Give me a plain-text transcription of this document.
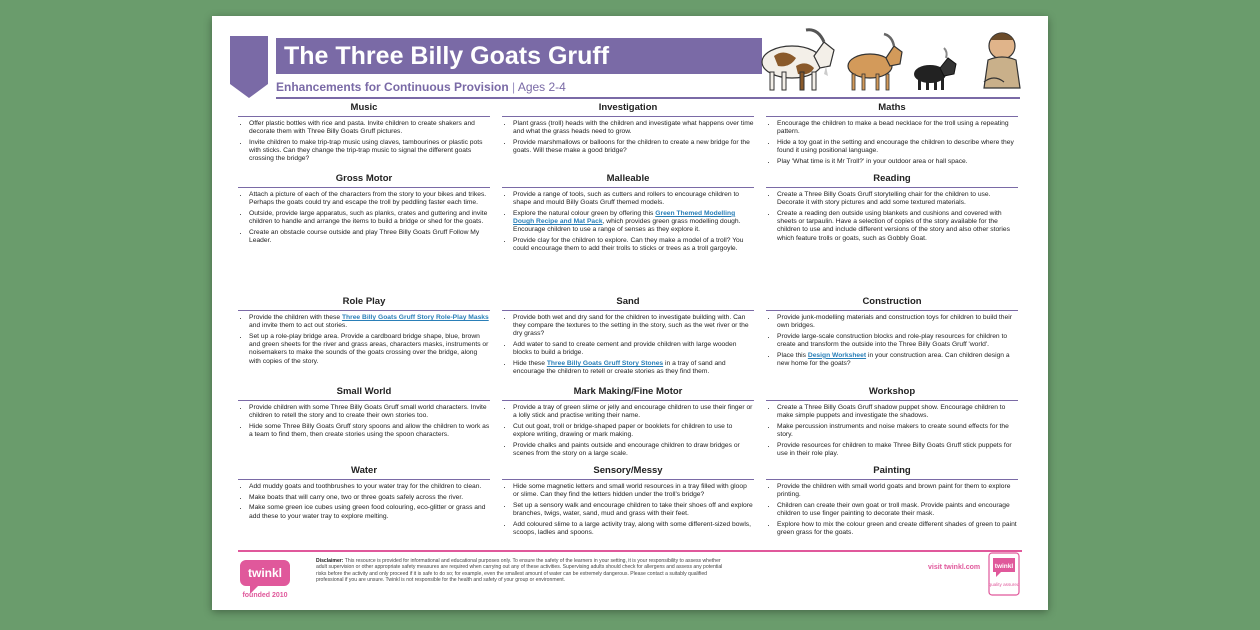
The Three Billy Goats Gruff
Enhancements for Continuous Provision | Ages 2-4
Music
• Offer plastic bottles with rice and pasta. Invite children to create shakers and decorate them with Three Billy Goats Gruff pictures.
• Invite children to make trip-trap music using claves, tambourines or plastic pots with sticks. Can they change the trip-trap music to signal the different goats crossing the bridge?
Gross Motor
• Attach a picture of each of the characters from the story to your bikes and trikes. Perhaps the goats could try and escape the troll by peddling faster each time.
• Outside, provide large apparatus, such as planks, crates and guttering and invite children to handle and arrange the items to build a bridge or shed for the goats.
• Create an obstacle course outside and play Three Billy Goats Gruff Follow My Leader.
Role Play
• Provide the children with these Three Billy Goats Gruff Story Role-Play Masks and invite them to act out stories.
• Set up a role-play bridge area. Provide a cardboard bridge shape, blue, brown and green sheets for the river and grass areas, characters masks, instruments or noisemakers to make the sounds of the goats crossing over the bridge, along with copies of the story.
Small World
• Provide children with some Three Billy Goats Gruff small world characters. Invite children to retell the story and to create their own stories too.
• Hide some Three Billy Goats Gruff story spoons and allow the children to work as a team to find them, then create stories using the spoon characters.
Water
• Add muddy goats and toothbrushes to your water tray for the children to clean.
• Make boats that will carry one, two or three goats safely across the river.
• Make some green ice cubes using green food colouring, eco-glitter or grass and add these to your water tray to explore melting.
Investigation
• Plant grass (troll) heads with the children and investigate what happens over time and what the grass heads need to grow.
• Provide marshmallows or balloons for the children to create a new bridge for the goats. Will these make a good bridge?
Malleable
• Provide a range of tools, such as cutters and rollers to encourage children to shape and mould Billy Goats Gruff themed models.
• Explore the natural colour green by offering this Green Themed Modelling Dough Recipe and Mat Pack, which provides green grass modelling dough. Encourage children to use a range of senses as they explore it.
• Provide clay for the children to explore. Can they make a model of a troll? You could encourage them to add their trolls to sticks or trees as a troll gargoyle.
Sand
• Provide both wet and dry sand for the children to investigate building with. Can they compare the textures to the setting in the story, such as the wet river or the dry grass?
• Add water to sand to create cement and provide children with large wooden blocks to build a bridge.
• Hide these Three Billy Goats Gruff Story Stones in a tray of sand and encourage the children to retell or create stories as they find them.
Mark Making/Fine Motor
• Provide a tray of green slime or jelly and encourage children to use their finger or a lolly stick and practise writing their name.
• Cut out goat, troll or bridge-shaped paper or booklets for children to use to explore writing, drawing or mark making.
• Provide chalks and paints outside and encourage children to draw bridges or scenes from the story on a large scale.
Sensory/Messy
• Hide some magnetic letters and small world resources in a tray filled with gloop or slime. Can they find the letters hidden under the troll's bridge?
• Set up a sensory walk and encourage children to take their shoes off and explore branches, twigs, water, sand, mud and grass with their feet.
• Add coloured slime to a large activity tray, along with some different-sized bowls, scoops, ladles and spoons.
Maths
• Encourage the children to make a bead necklace for the troll using a repeating pattern.
• Hide a toy goat in the setting and encourage the children to describe where they found it using positional language.
• Play 'What time is it Mr Troll?' in your outdoor area or hall space.
Reading
• Create a Three Billy Goats Gruff storytelling chair for the children to use. Decorate it with story pictures and add some textured materials.
• Create a reading den outside using blankets and cushions and covered with sheets or tarpaulin. Have a selection of copies of the story available for the children to use and include different versions of the story and also other stories which feature trolls or goats, such as Gobbly Goat.
Construction
• Provide junk-modelling materials and construction toys for children to build their own bridges.
• Provide large-scale construction blocks and role-play resources for children to create and transform the outside into the Three Billy Goats Gruff 'world'.
• Place this Design Worksheet in your construction area. Can children design a new home for the goats?
Workshop
• Create a Three Billy Goats Gruff shadow puppet show. Encourage children to make simple puppets and investigate the shadows.
• Make percussion instruments and noise makers to create sound effects for the story.
• Provide resources for children to make Three Billy Goats Gruff stick puppets for use in their role play.
Painting
• Provide the children with small world goats and brown paint for them to explore printing.
• Children can create their own goat or troll mask. Provide paints and encourage children to use finger painting to decorate their mask.
• Explore how to mix the colour green and create different shades of green to paint green grass for the goats.
twinkl
founded 2010
Disclaimer: This resource is provided for informational and educational purposes only. To ensure the safety of the learners in your setting, it is your responsibility to assess whether adult supervision or other appropriate safety measures are required when carrying out any of these activities. Supervising adults should check for allergens and assess any potential risks before the activity and only proceed if it is safe to do so; for example, even the smallest amount of water can be extremely dangerous. Please contact a suitably qualified professional if you are unsure. Twinkl is not responsible for the health and safety of your group or environment.
visit twinkl.com twinkl
quality assured
